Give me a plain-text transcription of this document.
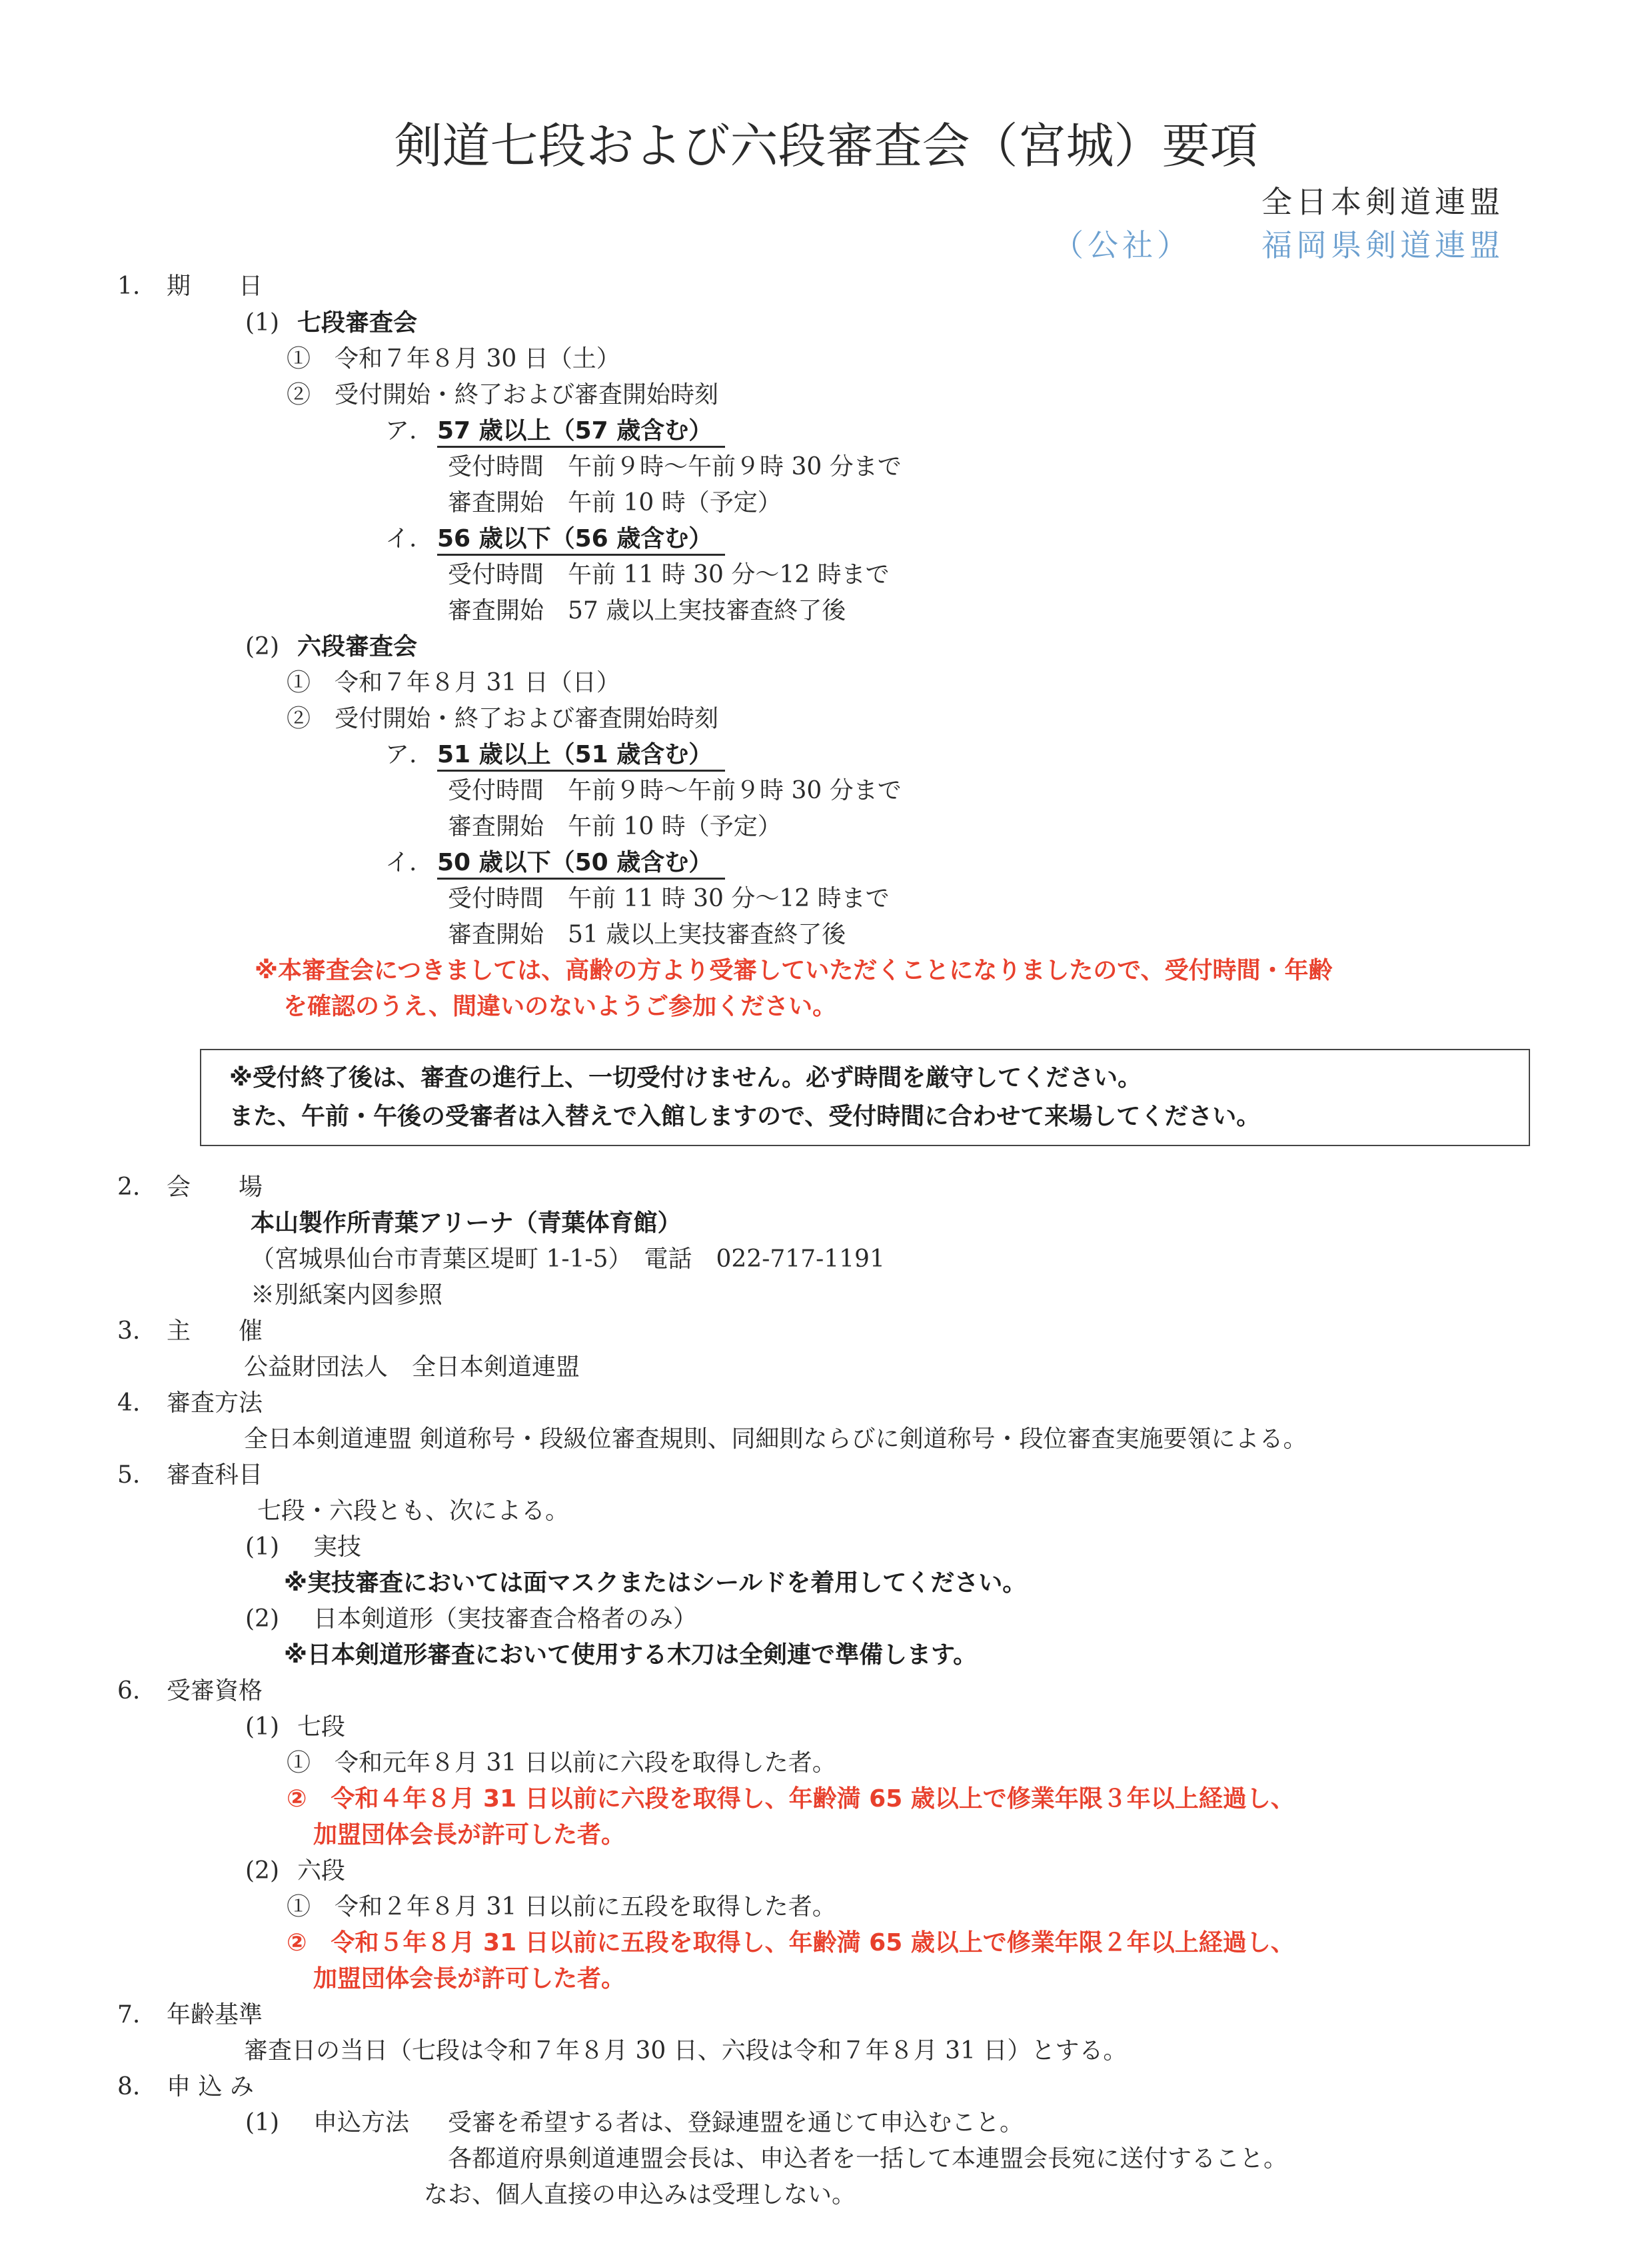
剣道七段および六段審査会（宮城）要項
全日本剣道連盟
（公社） 福岡県剣道連盟
1. 期　　日
(1) 七段審査会
①　令和７年８月 30 日（土）
②　受付開始・終了および審査開始時刻
ア. 57 歳以上（57 歳含む）
受付時間　午前９時～午前９時 30 分まで
審査開始　午前 10 時（予定）
イ. 56 歳以下（56 歳含む）
受付時間　午前 11 時 30 分～12 時まで
審査開始　57 歳以上実技審査終了後
(2) 六段審査会
①　令和７年８月 31 日（日）
②　受付開始・終了および審査開始時刻
ア. 51 歳以上（51 歳含む）
受付時間　午前９時～午前９時 30 分まで
審査開始　午前 10 時（予定）
イ. 50 歳以下（50 歳含む）
受付時間　午前 11 時 30 分～12 時まで
審査開始　51 歳以上実技審査終了後
※本審査会につきましては、高齢の方より受審していただくことになりましたので、受付時間・年齢
を確認のうえ、間違いのないようご参加ください。
※受付終了後は、審査の進行上、一切受付けません。必ず時間を厳守してください。
また、午前・午後の受審者は入替えで入館しますので、受付時間に合わせて来場してください。
2. 会　　場
本山製作所青葉アリーナ（青葉体育館）
（宮城県仙台市青葉区堤町 1-1-5）　電話　022-717-1191
※別紙案内図参照
3. 主　　催
公益財団法人　全日本剣道連盟
4. 審査方法
全日本剣道連盟 剣道称号・段級位審査規則、同細則ならびに剣道称号・段位審査実施要領による。
5. 審査科目
七段・六段とも、次による。
(1) 実技
※実技審査においては面マスクまたはシールドを着用してください。
(2) 日本剣道形（実技審査合格者のみ）
※日本剣道形審査において使用する木刀は全剣連で準備します。
6. 受審資格
(1) 七段
①　令和元年８月 31 日以前に六段を取得した者。
②　令和４年８月 31 日以前に六段を取得し、年齢満 65 歳以上で修業年限３年以上経過し、
加盟団体会長が許可した者。
(2) 六段
①　令和２年８月 31 日以前に五段を取得した者。
②　令和５年８月 31 日以前に五段を取得し、年齢満 65 歳以上で修業年限２年以上経過し、
加盟団体会長が許可した者。
7. 年齢基準
審査日の当日（七段は令和７年８月 30 日、六段は令和７年８月 31 日）とする。
8. 申 込 み
(1) 申込方法 受審を希望する者は、登録連盟を通じて申込むこと。
各都道府県剣道連盟会長は、申込者を一括して本連盟会長宛に送付すること。
なお、個人直接の申込みは受理しない。
